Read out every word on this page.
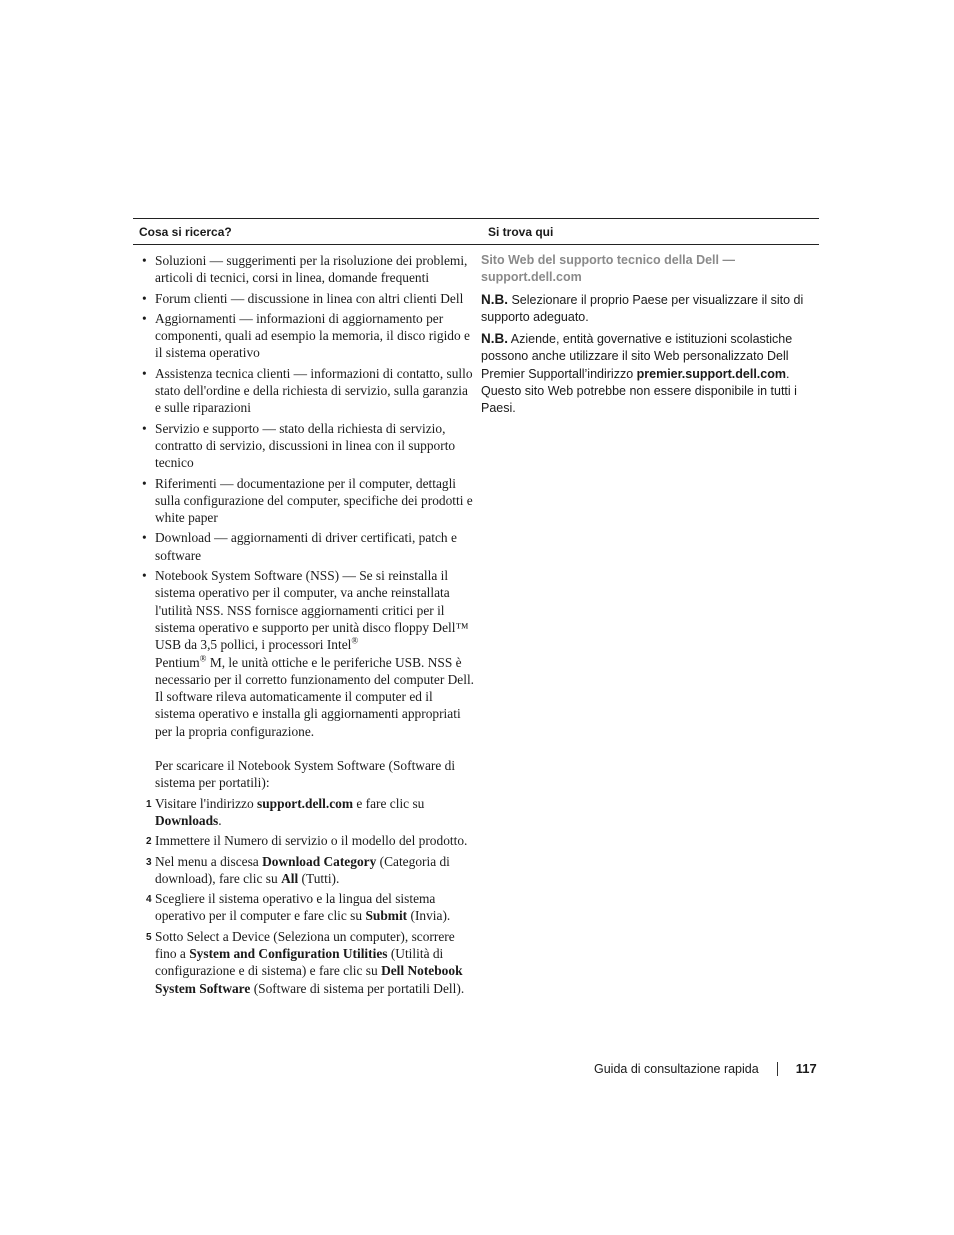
Cosa si ricerca?	Si trova qui
• Soluzioni — suggerimenti per la risoluzione dei problemi, articoli di tecnici, corsi in linea, domande frequenti
• Forum clienti — discussione in linea con altri clienti Dell
• Aggiornamenti — informazioni di aggiornamento per componenti, quali ad esempio la memoria, il disco rigido e il sistema operativo
• Assistenza tecnica clienti — informazioni di contatto, sullo stato dell'ordine e della richiesta di servizio, sulla garanzia e sulle riparazioni
• Servizio e supporto — stato della richiesta di servizio, contratto di servizio, discussioni in linea con il supporto tecnico
• Riferimenti — documentazione per il computer, dettagli sulla configurazione del computer, specifiche dei prodotti e white paper
• Download — aggiornamenti di driver certificati, patch e software
• Notebook System Software (NSS) — Se si reinstalla il sistema operativo per il computer, va anche reinstallata l'utilità NSS. NSS fornisce aggiornamenti critici per il sistema operativo e supporto per unità disco floppy Dell™ USB da 3,5 pollici, i processori Intel®
Pentium® M, le unità ottiche e le periferiche USB. NSS è necessario per il corretto funzionamento del computer Dell. Il software rileva automaticamente il computer ed il sistema operativo e installa gli aggiornamenti appropriati per la propria configurazione.
Per scaricare il Notebook System Software (Software di sistema per portatili):
1 Visitare l'indirizzo support.dell.com e fare clic su Downloads.
2 Immettere il Numero di servizio o il modello del prodotto.
3 Nel menu a discesa Download Category (Categoria di download), fare clic su All (Tutti).
4 Scegliere il sistema operativo e la lingua del sistema operativo per il computer e fare clic su Submit (Invia).
5 Sotto Select a Device (Seleziona un computer), scorrere fino a System and Configuration Utilities (Utilità di configurazione e di sistema) e fare clic su Dell Notebook System Software (Software di sistema per portatili Dell).
Sito Web del supporto tecnico della Dell —
support.dell.com
N.B. Selezionare il proprio Paese per visualizzare il sito di supporto adeguato.
N.B. Aziende, entità governative e istituzioni scolastiche possono anche utilizzare il sito Web personalizzato Dell Premier Supportall’indirizzo premier.support.dell.com. Questo sito Web potrebbe non essere disponibile in tutti i Paesi.
Guida di consultazione rapida	117
